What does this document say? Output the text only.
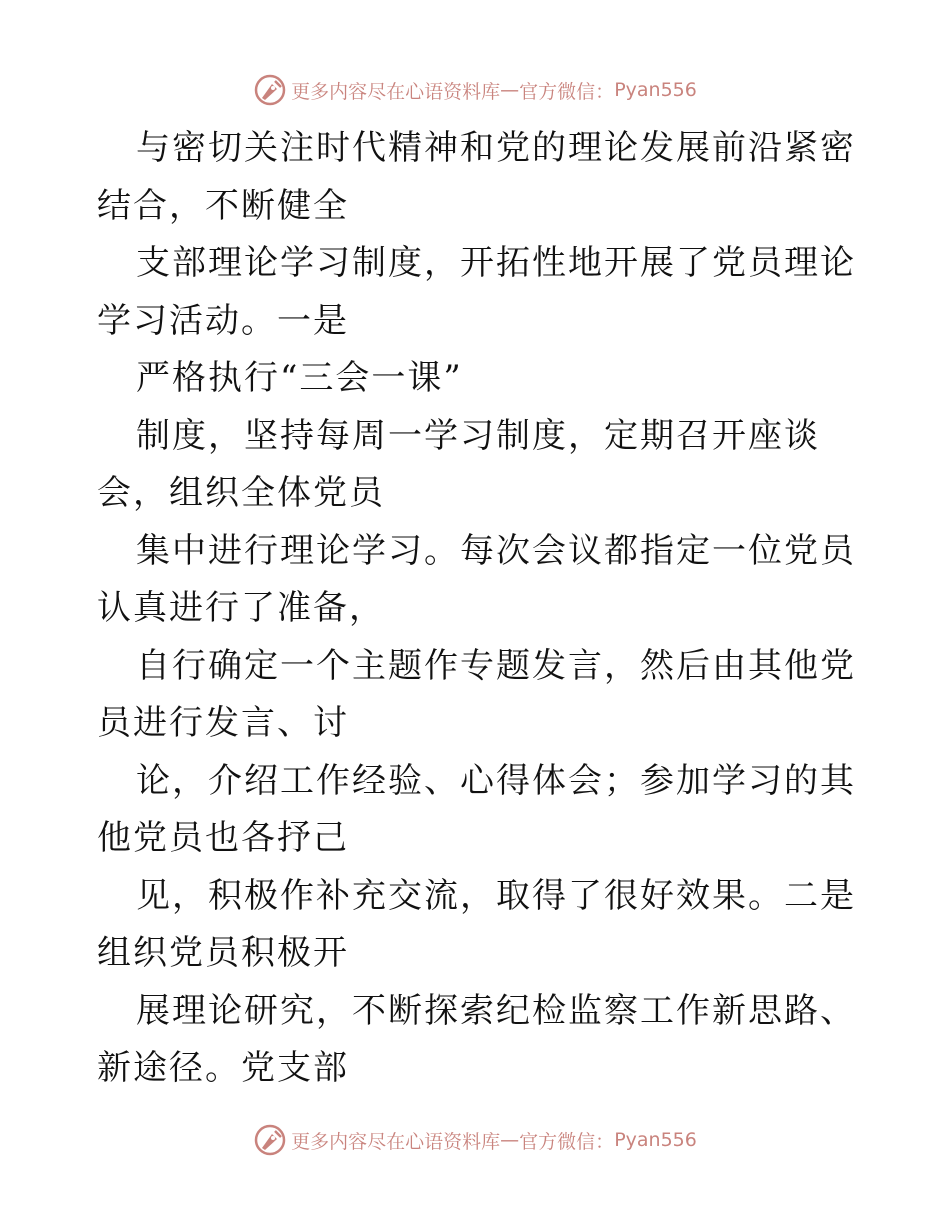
更多内容尽在心语资料库 — 官方微信： Pyan556

与密切关注时代精神和党的理论发展前沿紧密结合，不断健全

支部理论学习制度，开拓性地开展了党员理论学习活动。一是

严格执行“三会一课”

制度，坚持每周一学习制度，定期召开座谈会，组织全体党员

集中进行理论学习。每次会议都指定一位党员认真进行了准备，

自行确定一个主题作专题发言，然后由其他党员进行发言、讨

论，介绍工作经验、心得体会；参加学习的其他党员也各抒己

见，积极作补充交流，取得了很好效果。二是组织党员积极开

展理论研究，不断探索纪检监察工作新思路、新途径。党支部

更多内容尽在心语资料库 — 官方微信： Pyan556
